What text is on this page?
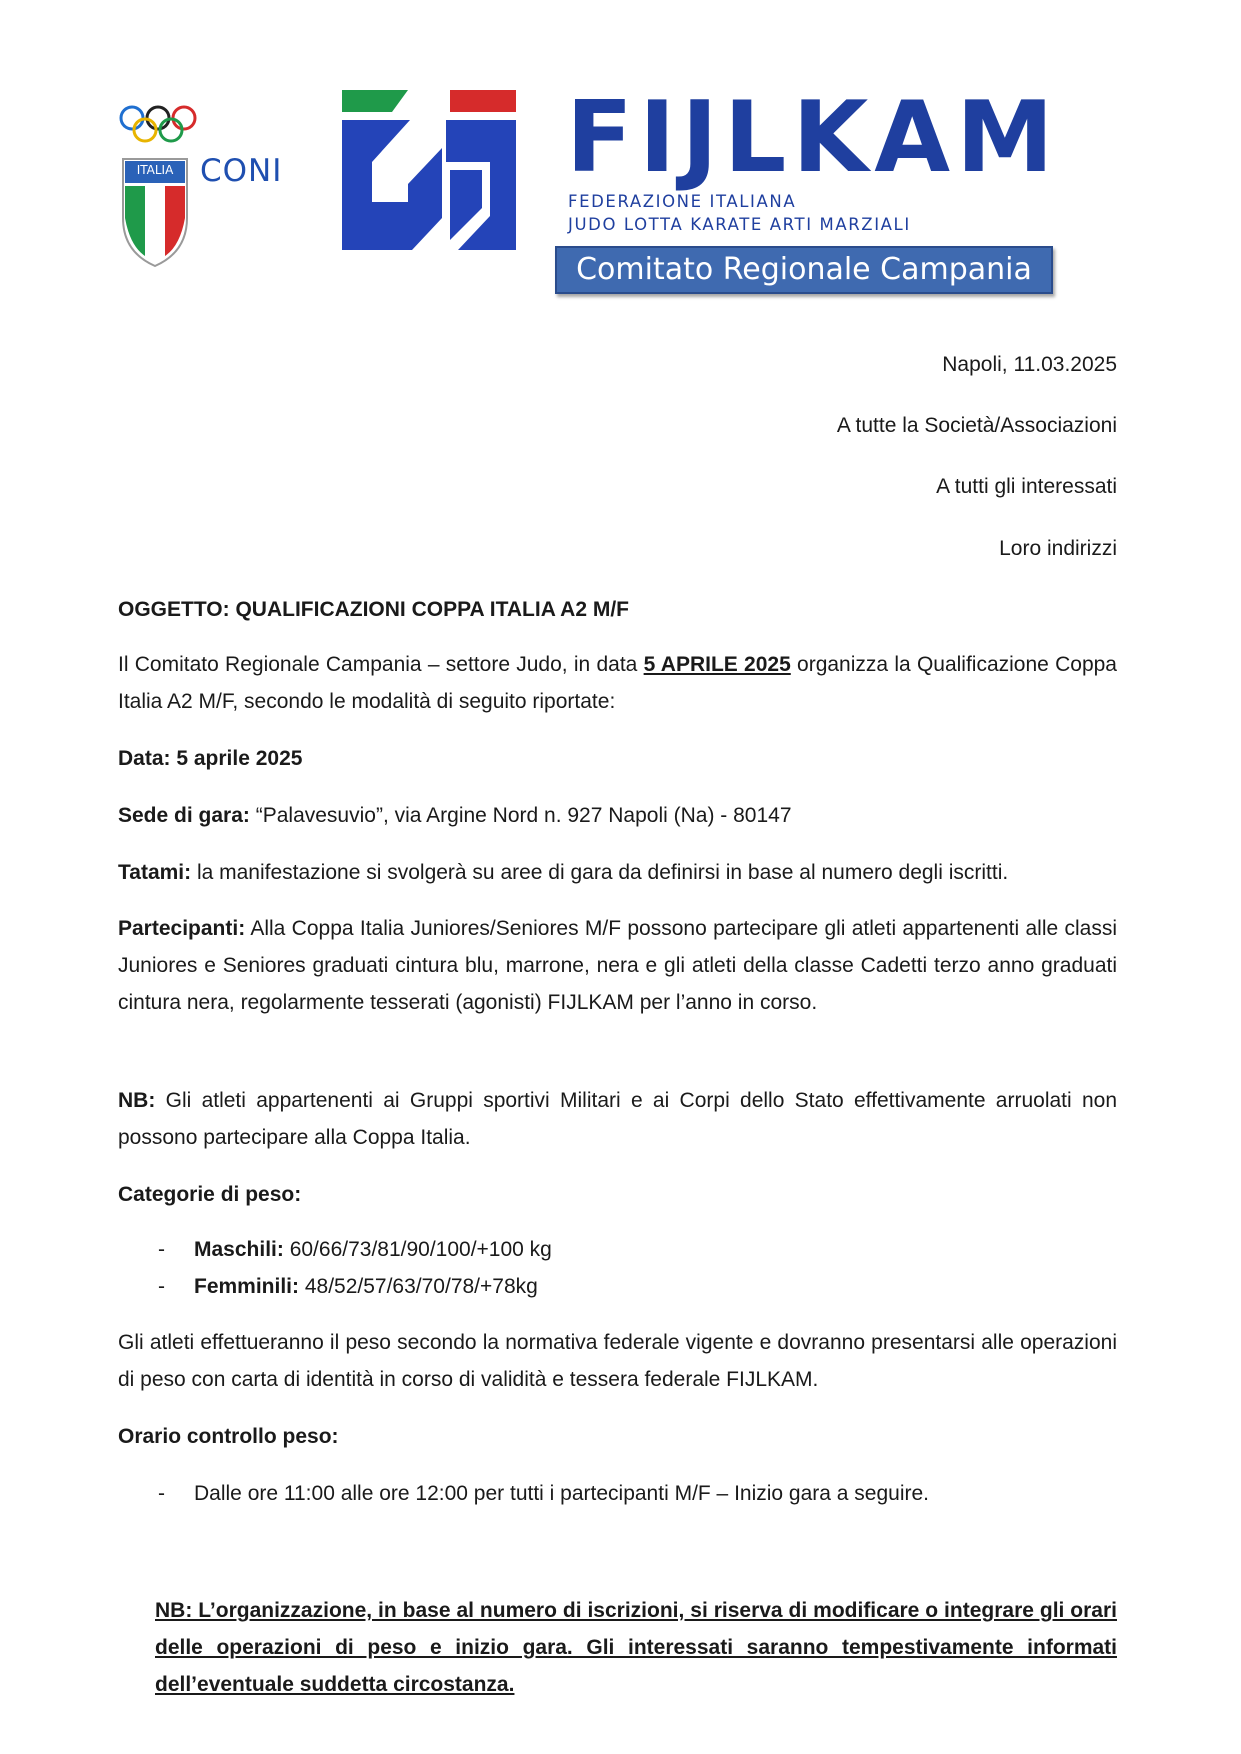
ITALIA CONI	FIJLKAM
FEDERAZIONE ITALIANA
JUDO LOTTA KARATE ARTI MARZIALI
Comitato Regionale Campania
Napoli, 11.03.2025
A tutte la Società/Associazioni
A tutti gli interessati
Loro indirizzi
OGGETTO: QUALIFICAZIONI COPPA ITALIA A2 M/F
Il Comitato Regionale Campania – settore Judo, in data 5 APRILE 2025 organizza la Qualificazione Coppa Italia A2 M/F, secondo le modalità di seguito riportate:
Data: 5 aprile 2025
Sede di gara: “Palavesuvio”, via Argine Nord n. 927 Napoli (Na) - 80147
Tatami: la manifestazione si svolgerà su aree di gara da definirsi in base al numero degli iscritti.
Partecipanti: Alla Coppa Italia Juniores/Seniores M/F possono partecipare gli atleti appartenenti alle classi Juniores e Seniores graduati cintura blu, marrone, nera e gli atleti della classe Cadetti terzo anno graduati cintura nera, regolarmente tesserati (agonisti) FIJLKAM per l’anno in corso.
NB: Gli atleti appartenenti ai Gruppi sportivi Militari e ai Corpi dello Stato effettivamente arruolati non possono partecipare alla Coppa Italia.
Categorie di peso:
- Maschili: 60/66/73/81/90/100/+100 kg
- Femminili: 48/52/57/63/70/78/+78kg
Gli atleti effettueranno il peso secondo la normativa federale vigente e dovranno presentarsi alle operazioni di peso con carta di identità in corso di validità e tessera federale FIJLKAM.
Orario controllo peso:
- Dalle ore 11:00 alle ore 12:00 per tutti i partecipanti M/F – Inizio gara a seguire.
NB: L’organizzazione, in base al numero di iscrizioni, si riserva di modificare o integrare gli orari delle operazioni di peso e inizio gara. Gli interessati saranno tempestivamente informati dell’eventuale suddetta circostanza.
